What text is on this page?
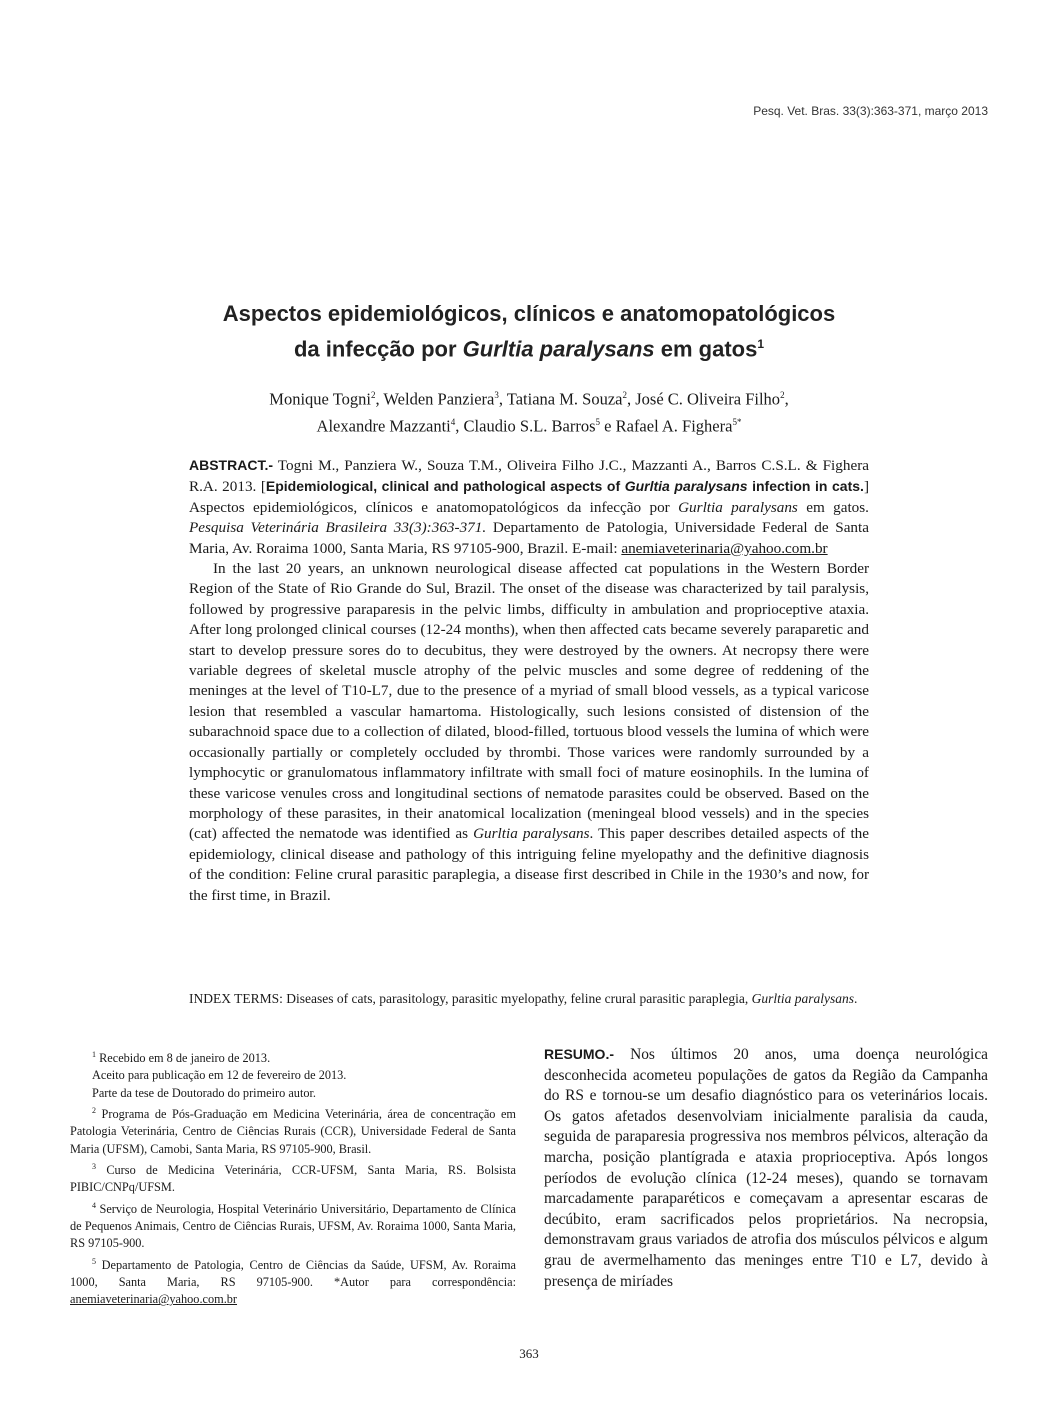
Pesq. Vet. Bras. 33(3):363-371, março 2013
Aspectos epidemiológicos, clínicos e anatomopatológicos
da infecção por Gurltia paralysans em gatos$^1$
Monique Togni$^2$, Welden Panziera$^3$, Tatiana M. Souza$^2$, José C. Oliveira Filho$^2$,
Alexandre Mazzanti$^4$, Claudio S.L. Barros$^5$ e Rafael A. Fighera$^{5*}$

ABSTRACT.- Togni M., Panziera W., Souza T.M., Oliveira Filho J.C., Mazzanti A., Barros C.S.L. & Fighera R.A. 2013. [Epidemiological, clinical and pathological aspects of Gurltia paralysans infection in cats.] Aspectos epidemiológicos, clínicos e anatomopatológicos da infecção por Gurltia paralysans em gatos. Pesquisa Veterinária Brasileira 33(3):363-371. Departamento de Patologia, Universidade Federal de Santa Maria, Av. Roraima 1000, Santa Maria, RS 97105-900, Brazil. E-mail: anemiaveterinaria@yahoo.com.br

In the last 20 years, an unknown neurological disease affected cat populations in the Western Border Region of the State of Rio Grande do Sul, Brazil. The onset of the disease was characterized by tail paralysis, followed by progressive paraparesis in the pelvic limbs, difficulty in ambulation and proprioceptive ataxia. After long prolonged clinical courses (12-24 months), when then affected cats became severely paraparetic and start to develop pressure sores do to decubitus, they were destroyed by the owners. At necropsy there were variable degrees of skeletal muscle atrophy of the pelvic muscles and some degree of reddening of the meninges at the level of T10-L7, due to the presence of a myriad of small blood vessels, as a typical varicose lesion that resembled a vascular hamartoma. Histologically, such lesions consisted of distension of the subarachnoid space due to a collection of dilated, blood-filled, tortuous blood vessels the lumina of which were occasionally partially or completely occluded by thrombi. Those varices were randomly surrounded by a lymphocytic or granulomatous inflammatory infiltrate with small foci of mature eosinophils. In the lumina of these varicose venules cross and longitudinal sections of nematode parasites could be observed. Based on the morphology of these parasites, in their anatomical localization (meningeal blood vessels) and in the species (cat) affected the nematode was identified as Gurltia paralysans. This paper describes detailed aspects of the epidemiology, clinical disease and pathology of this intriguing feline myelopathy and the definitive diagnosis of the condition: Feline crural parasitic paraplegia, a disease first described in Chile in the 1930’s and now, for the first time, in Brazil.

INDEX TERMS: Diseases of cats, parasitology, parasitic myelopathy, feline crural parasitic paraplegia, Gurltia paralysans.

$^1$ Recebido em 8 de janeiro de 2013.

Aceito para publicação em 12 de fevereiro de 2013.

Parte da tese de Doutorado do primeiro autor.

$^2$ Programa de Pós-Graduação em Medicina Veterinária, área de concentração em Patologia Veterinária, Centro de Ciências Rurais (CCR), Universidade Federal de Santa Maria (UFSM), Camobi, Santa Maria, RS 97105-900, Brasil.

$^3$ Curso de Medicina Veterinária, CCR-UFSM, Santa Maria, RS. Bolsista PIBIC/CNPq/UFSM.

$^4$ Serviço de Neurologia, Hospital Veterinário Universitário, Departamento de Clínica de Pequenos Animais, Centro de Ciências Rurais, UFSM, Av. Roraima 1000, Santa Maria, RS 97105-900.

$^5$ Departamento de Patologia, Centro de Ciências da Saúde, UFSM, Av. Roraima 1000, Santa Maria, RS 97105-900. *Autor para correspondência: anemiaveterinaria@yahoo.com.br

RESUMO.- Nos últimos 20 anos, uma doença neurológica desconhecida acometeu populações de gatos da Região da Campanha do RS e tornou-se um desafio diagnóstico para os veterinários locais. Os gatos afetados desenvolviam inicialmente paralisia da cauda, seguida de paraparesia progressiva nos membros pélvicos, alteração da marcha, posição plantígrada e ataxia proprioceptiva. Após longos períodos de evolução clínica (12-24 meses), quando se tornavam marcadamente paraparéticos e começavam a apresentar escaras de decúbito, eram sacrificados pelos proprietários. Na necropsia, demonstravam graus variados de atrofia dos músculos pélvicos e algum grau de avermelhamento das meninges entre T10 e L7, devido à presença de miríades
363
